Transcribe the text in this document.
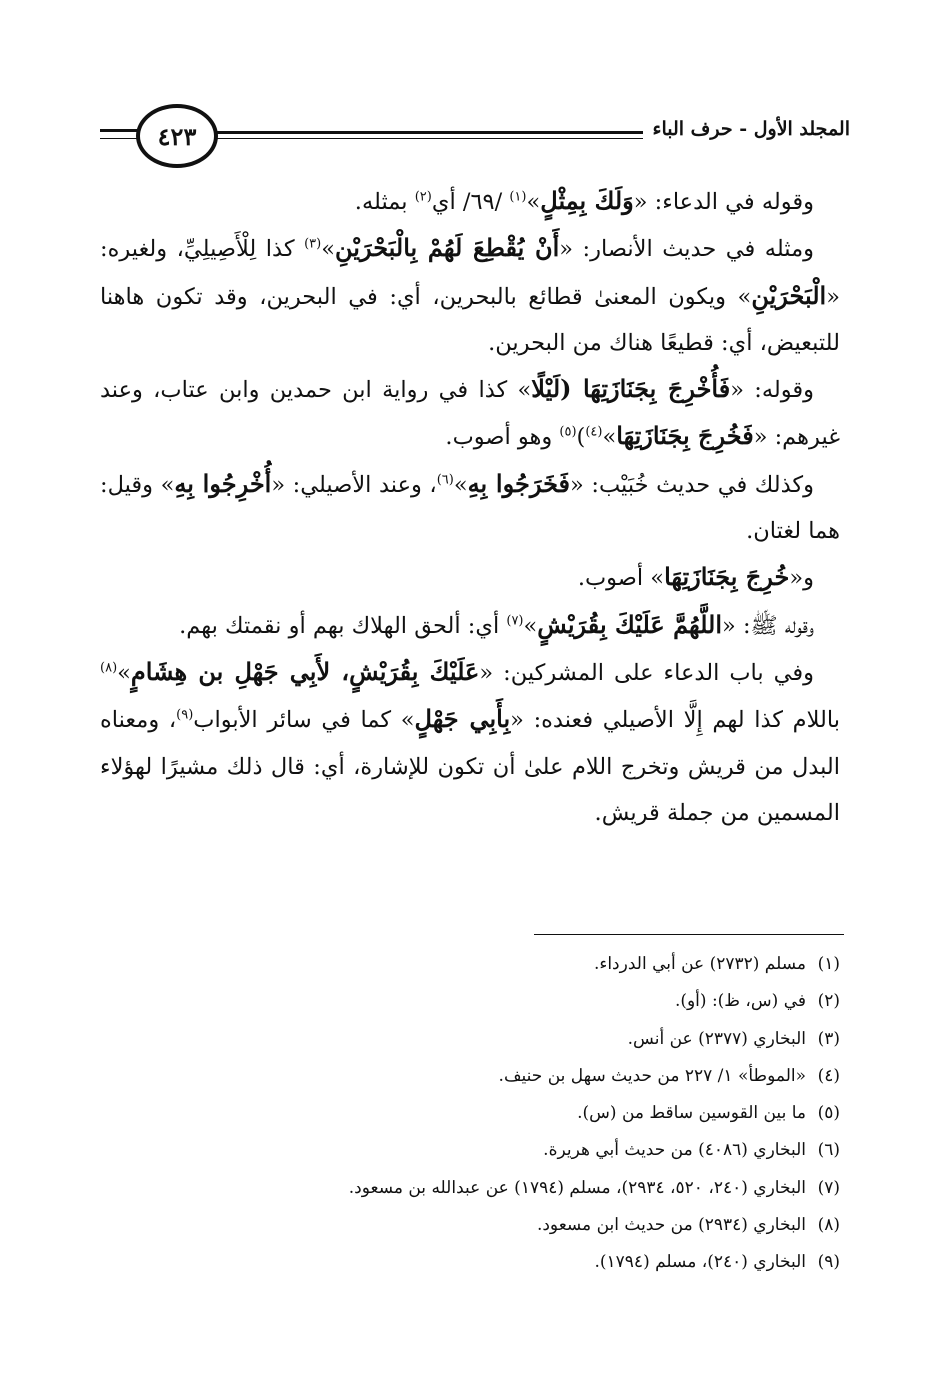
المجلد الأول - حرف الباء
٤٢٣

وقوله في الدعاء: «وَلَكَ بِمِثْلٍ»$^{(١)}$ /٦٩/ أي$^{(٢)}$ بمثله.

ومثله في حديث الأنصار: «أَنْ يُقْطِعَ لَهُمْ بِالْبَحْرَيْنِ»$^{(٣)}$ كذا لِلْأَصِيلِيِّ، ولغيره: «الْبَحْرَيْنِ» ويكون المعنىٰ قطائع بالبحرين، أي: في البحرين، وقد تكون هاهنا للتبعيض، أي: قطيعًا هناك من البحرين.

وقوله: «فَأُخْرِجَ بِجَنَازَتِهَا (لَيْلًا» كذا في رواية ابن حمدين وابن عتاب، وعند غيرهم: «فَخُرِجَ بِجَنَازَتِهَا»$^{(٤)}$)$^{(٥)}$ وهو أصوب.

وكذلك في حديث خُبَيْب: «فَخَرَجُوا بِهِ»$^{(٦)}$، وعند الأصيلي: «أُخْرِجُوا بِهِ» وقيل: هما لغتان.

و«خُرِجَ بِجَنَازَتِهَا» أصوب.

وقوله ﷺ: «اللَّهُمَّ عَلَيْكَ بِقُرَيْشٍ»$^{(٧)}$ أي: ألحق الهلاك بهم أو نقمتك بهم.

وفي باب الدعاء على المشركين: «عَلَيْكَ بِقُرَيْشٍ، لأَبِي جَهْلِ بن هِشَامٍ»$^{(٨)}$ باللام كذا لهم إِلَّا الأصيلي فعنده: «بِأَبِي جَهْلٍ» كما في سائر الأبواب$^{(٩)}$، ومعناه البدل من قريش وتخرج اللام علىٰ أن تكون للإشارة، أي: قال ذلك مشيرًا لهؤلاء المسمين من جملة قريش.

(١)مسلم (٢٧٣٢) عن أبي الدرداء.

(٢)في (س، ظ): (أو).

(٣)البخاري (٢٣٧٧) عن أنس.

(٤)«الموطأ» ١/ ٢٢٧ من حديث سهل بن حنيف.

(٥)ما بين القوسين ساقط من (س).

(٦)البخاري (٤٠٨٦) من حديث أبي هريرة.

(٧)البخاري (٢٤٠، ٥٢٠، ٢٩٣٤)، مسلم (١٧٩٤) عن عبدالله بن مسعود.

(٨)البخاري (٢٩٣٤) من حديث ابن مسعود.

(٩)البخاري (٢٤٠)، مسلم (١٧٩٤).
